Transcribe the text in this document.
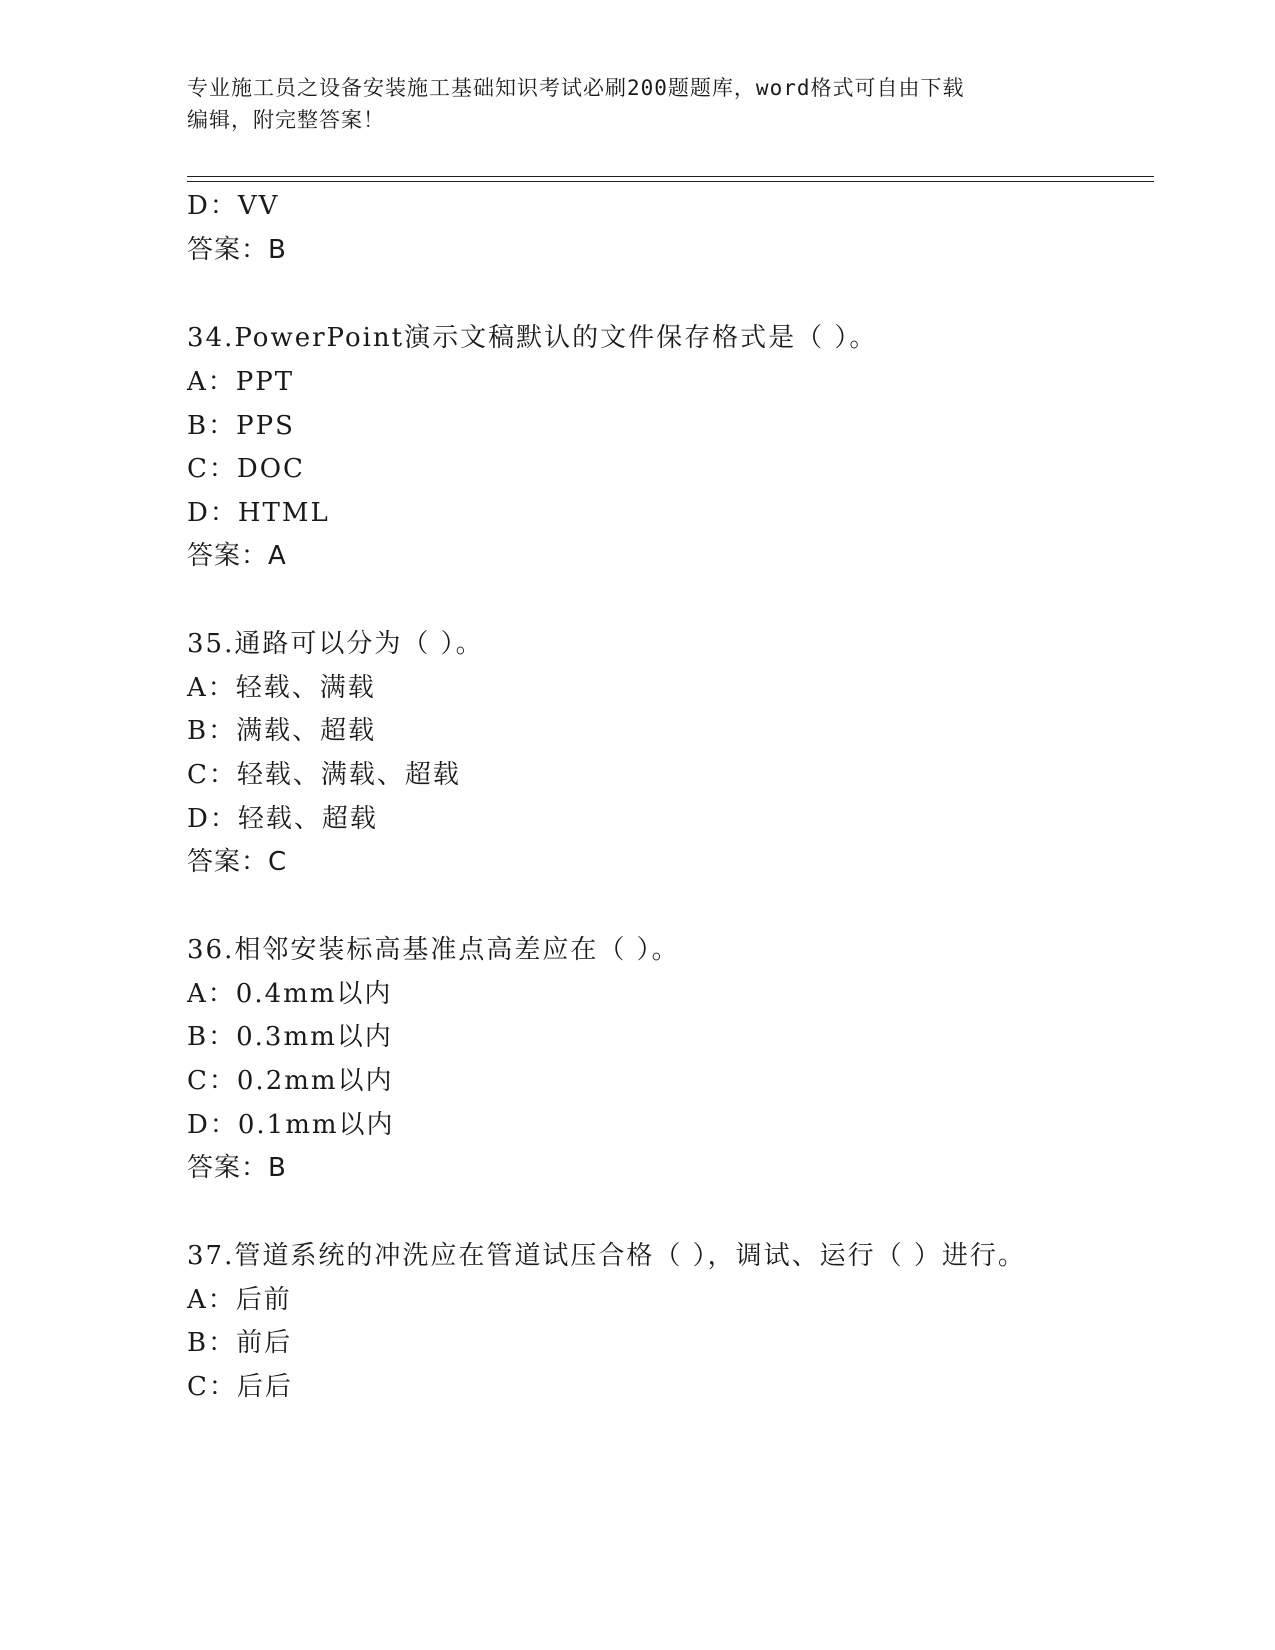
专业施工员之设备安装施工基础知识考试必刷200题题库，word格式可自由下载
编辑，附完整答案！
D：VV
答案：B
34.PowerPoint演示文稿默认的文件保存格式是（ ）。
A：PPT
B：PPS
C：DOC
D：HTML
答案：A
35.通路可以分为（ ）。
A：轻载、满载
B：满载、超载
C：轻载、满载、超载
D：轻载、超载
答案：C
36.相邻安装标高基准点高差应在（ ）。
A：0.4mm以内
B：0.3mm以内
C：0.2mm以内
D：0.1mm以内
答案：B
37.管道系统的冲洗应在管道试压合格（ ），调试、运行（ ）进行。
A：后前
B：前后
C：后后
